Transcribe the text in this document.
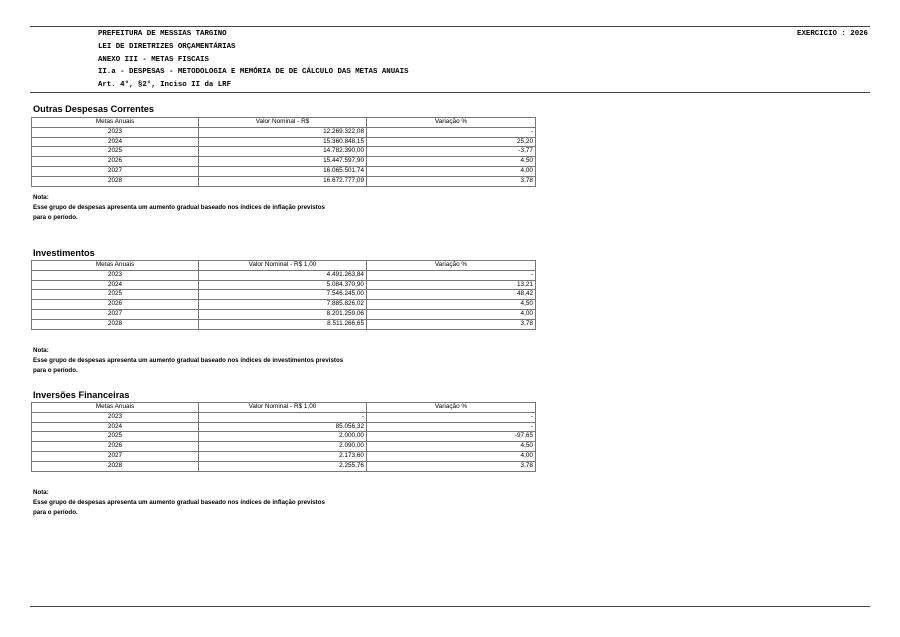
PREFEITURA DE MESSIAS TARGINO
LEI DE DIRETRIZES ORÇAMENTÁRIAS
ANEXO III - METAS FISCAIS
II.a - DESPESAS - METODOLOGIA E MEMÓRIA DE DE CÁLCULO DAS METAS ANUAIS
Art. 4°, §2°, Inciso II da LRF
EXERCICIO : 2026
Outras Despesas Correntes
Metas Anuais	Valor Nominal - R$	Variação %
2023	12.269.322,08	-
2024	15.360.848,15	25,20
2025	14.782.390,00	-3,77
2026	15.447.597,90	4,50
2027	16.065.501,74	4,00
2028	16.672.777,09	3,78
Nota:
Esse grupo de despesas apresenta um aumento gradual baseado nos índices de inflação previstos
para o período.
Investimentos
Metas Anuais	Valor Nominal - R$ 1,00	Variação %
2023	4.491.263,84	-
2024	5.084.370,90	13,21
2025	7.546.245,00	48,42
2026	7.885.826,02	4,50
2027	8.201.259,06	4,00
2028	8.511.266,65	3,78
Nota:
Esse grupo de despesas apresenta um aumento gradual baseado nos índices de investimentos previstos
para o período.
Inversões Financeiras
Metas Anuais	Valor Nominal - R$ 1,00	Variação %
2023	-	-
2024	85.056,32	-
2025	2.000,00	-97,65
2026	2.090,00	4,50
2027	2.173,60	4,00
2028	2.255,76	3,78
Nota:
Esse grupo de despesas apresenta um aumento gradual baseado nos índices de inflação previstos
para o período.
